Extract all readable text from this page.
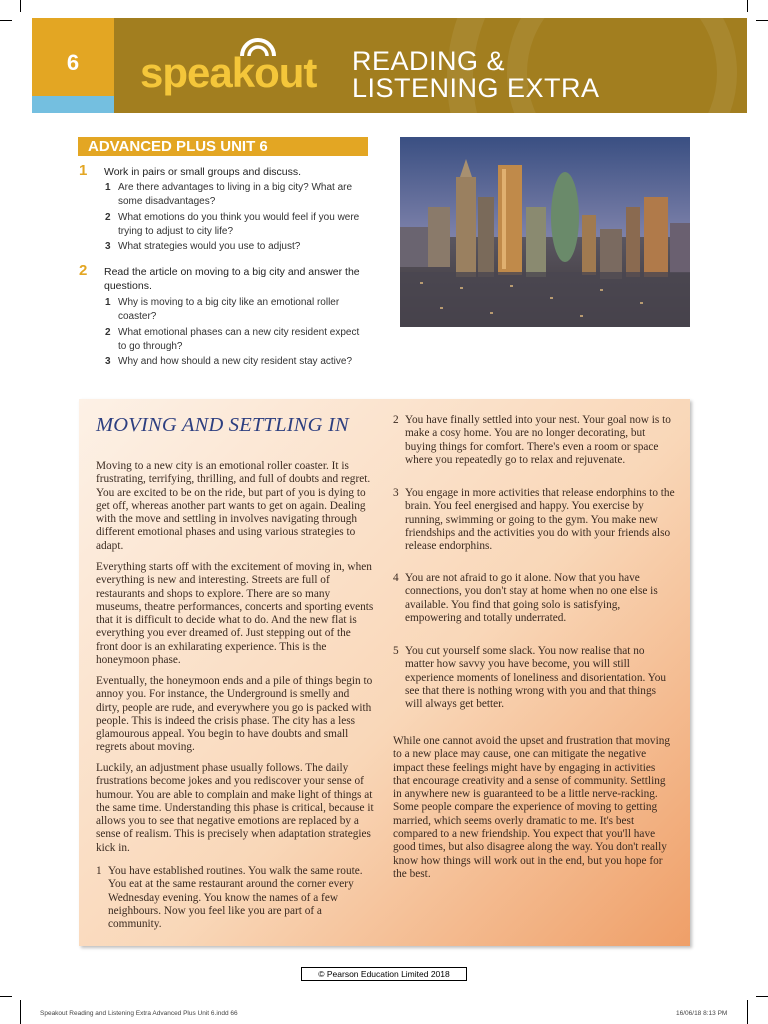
6	speakout READING &
LISTENING EXTRA
ADVANCED PLUS UNIT 6
1 Work in pairs or small groups and discuss.
1 Are there advantages to living in a big city? What are some disadvantages?
2 What emotions do you think you would feel if you were trying to adjust to city life?
3 What strategies would you use to adjust?
2 Read the article on moving to a big city and answer the questions.
1 Why is moving to a big city like an emotional roller coaster?
2 What emotional phases can a new city resident expect to go through?
3 Why and how should a new city resident stay active?
MOVING AND SETTLING IN
Moving to a new city is an emotional roller coaster. It is frustrating, terrifying, thrilling, and full of doubts and regret. You are excited to be on the ride, but part of you is dying to get off, whereas another part wants to get on again. Dealing with the move and settling in involves navigating through different emotional phases and using various strategies to adapt.
Everything starts off with the excitement of moving in, when everything is new and interesting. Streets are full of restaurants and shops to explore. There are so many museums, theatre performances, concerts and sporting events that it is difficult to decide what to do. And the new flat is everything you ever dreamed of. Just stepping out of the front door is an exhilarating experience. This is the honeymoon phase.
Eventually, the honeymoon ends and a pile of things begin to annoy you. For instance, the Underground is smelly and dirty, people are rude, and everywhere you go is packed with people. This is indeed the crisis phase. The city has a less glamourous appeal. You begin to have doubts and small regrets about moving.
Luckily, an adjustment phase usually follows. The daily frustrations become jokes and you rediscover your sense of humour. You are able to complain and make light of things at the same time. Understanding this phase is critical, because it allows you to see that negative emotions are replaced by a sense of realism. This is precisely when adaptation strategies kick in.
1 You have established routines. You walk the same route. You eat at the same restaurant around the corner every Wednesday evening. You know the names of a few neighbours. Now you feel like you are part of a community.
2 You have finally settled into your nest. Your goal now is to make a cosy home. You are no longer decorating, but buying things for comfort. There's even a room or space where you repeatedly go to relax and rejuvenate.
3 You engage in more activities that release endorphins to the brain. You feel energised and happy. You exercise by running, swimming or going to the gym. You make new friendships and the activities you do with your friends also release endorphins.
4 You are not afraid to go it alone. Now that you have connections, you don't stay at home when no one else is available. You find that going solo is satisfying, empowering and totally underrated.
5 You cut yourself some slack. You now realise that no matter how savvy you have become, you will still experience moments of loneliness and disorientation. You see that there is nothing wrong with you and that things will always get better.
While one cannot avoid the upset and frustration that moving to a new place may cause, one can mitigate the negative impact these feelings might have by engaging in activities that encourage creativity and a sense of community. Settling in anywhere new is guaranteed to be a little nerve-racking. Some people compare the experience of moving to getting married, which seems overly dramatic to me. It's best compared to a new friendship. You expect that you'll have good times, but also disagree along the way. You don't really know how things will work out in the end, but you hope for the best.
© Pearson Education Limited 2018
Speakout Reading and Listening Extra Advanced Plus Unit 6.indd 66	16/06/18 8:13 PM
